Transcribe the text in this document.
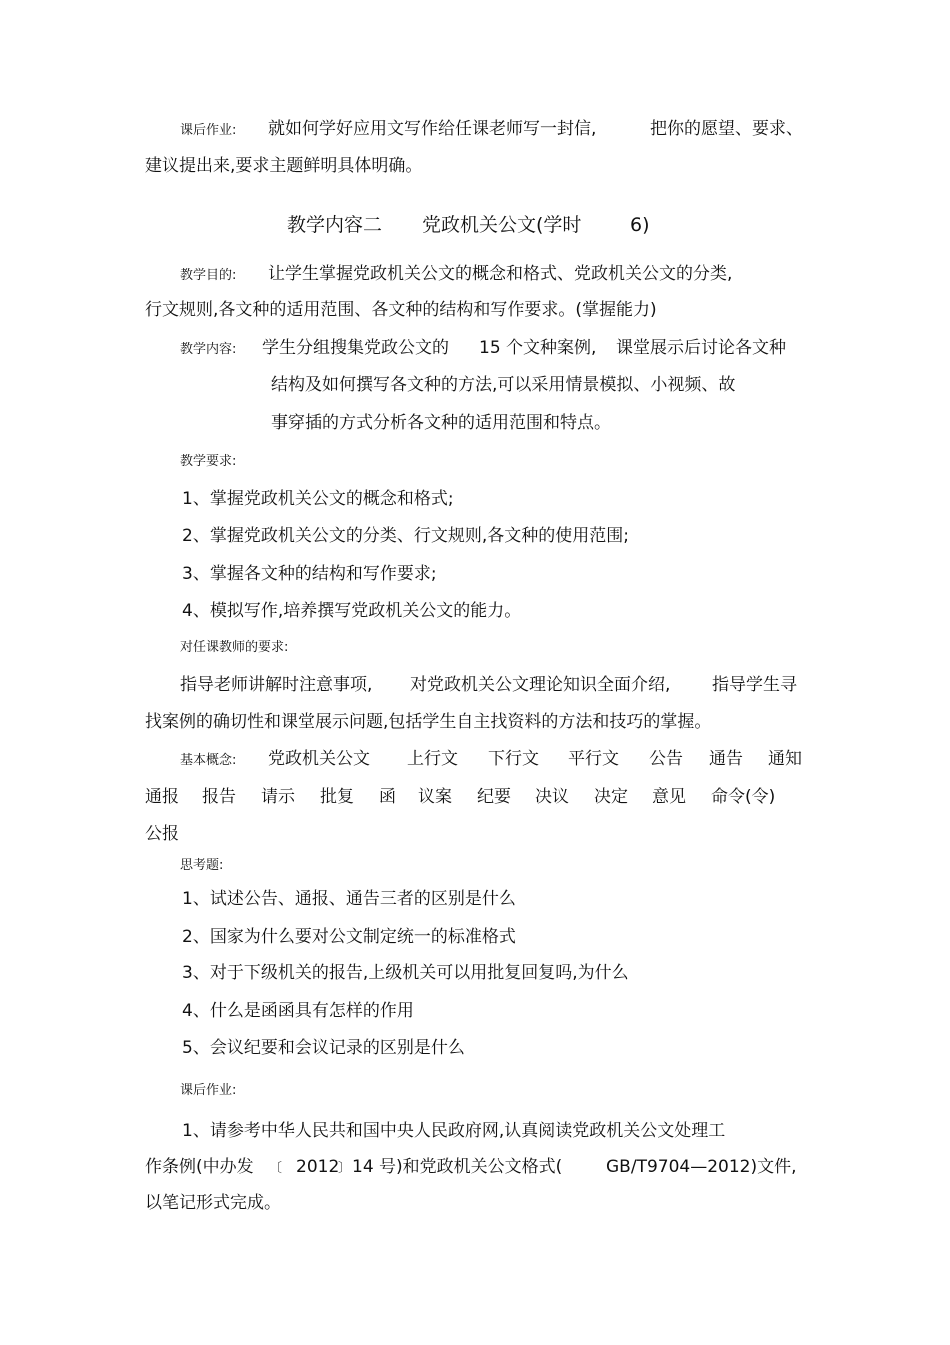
课后作业: 就如何学好应用文写作给任课老师写一封信,	把你的愿望、要求、
建议提出来,要求主题鲜明具体明确。
教学内容二 党政机关公文(学时	6)
教学目的: 让学生掌握党政机关公文的概念和格式、党政机关公文的分类,
行文规则,各文种的适用范围、各文种的结构和写作要求。(掌握能力)
教学内容: 学生分组搜集党政公文的 15 个文种案例, 课堂展示后讨论各文种
结构及如何撰写各文种的方法,可以采用情景模拟、小视频、故
事穿插的方式分析各文种的适用范围和特点。
教学要求:
1、掌握党政机关公文的概念和格式;
2、掌握党政机关公文的分类、行文规则,各文种的使用范围;
3、掌握各文种的结构和写作要求;
4、模拟写作,培养撰写党政机关公文的能力。
对任课教师的要求:
指导老师讲解时注意事项, 对党政机关公文理论知识全面介绍, 指导学生寻
找案例的确切性和课堂展示问题,包括学生自主找资料的方法和技巧的掌握。
基本概念: 党政机关公文 上行文 下行文 平行文 公告 通告 通知
通报 报告 请示 批复 函 议案 纪要 决议 决定 意见 命令(令)
公报
思考题:
1、试述公告、通报、通告三者的区别是什么
2、国家为什么要对公文制定统一的标准格式
3、对于下级机关的报告,上级机关可以用批复回复吗,为什么
4、什么是函函具有怎样的作用
5、会议纪要和会议记录的区别是什么
课后作业:
1、请参考中华人民共和国中央人民政府网,认真阅读党政机关公文处理工
作条例(中办发 〔 2012
〕 14 号)和党政机关公文格式(	GB/T9704—2012)文件,
以笔记形式完成。
